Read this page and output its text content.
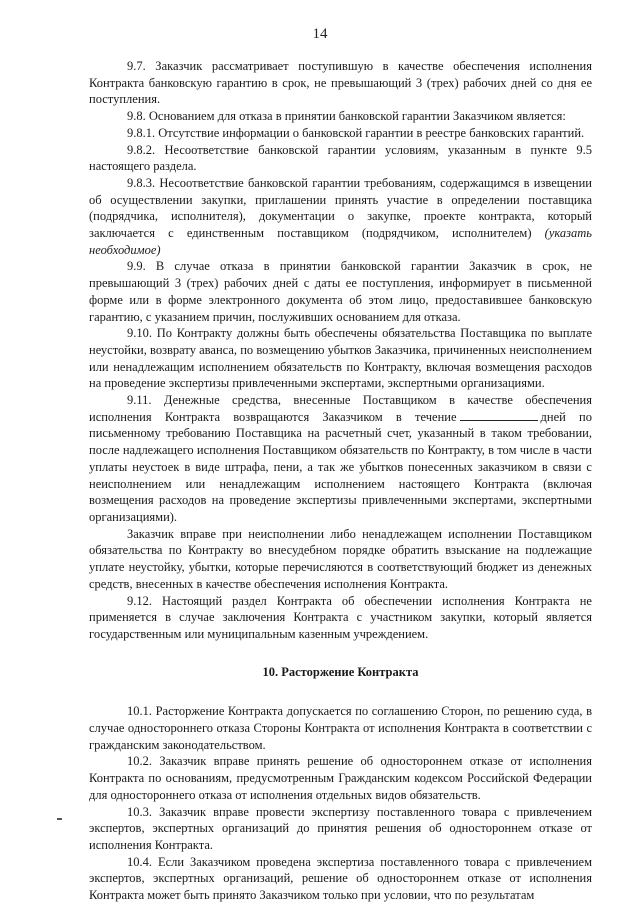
14

9.7. Заказчик рассматривает поступившую в качестве обеспечения исполнения Контракта банковскую гарантию в срок, не превышающий 3 (трех) рабочих дней со дня ее поступления.

9.8. Основанием для отказа в принятии банковской гарантии Заказчиком является:

9.8.1. Отсутствие информации о банковской гарантии в реестре банковских гарантий.

9.8.2. Несоответствие банковской гарантии условиям, указанным в пункте 9.5 настоящего раздела.

9.8.3. Несоответствие банковской гарантии требованиям, содержащимся в извещении об осуществлении закупки, приглашении принять участие в определении поставщика (подрядчика, исполнителя), документации о закупке, проекте контракта, который заключается с единственным поставщиком (подрядчиком, исполнителем) (указать необходимое)

9.9. В случае отказа в принятии банковской гарантии Заказчик в срок, не превышающий 3 (трех) рабочих дней с даты ее поступления, информирует в письменной форме или в форме электронного документа об этом лицо, предоставившее банковскую гарантию, с указанием причин, послуживших основанием для отказа.

9.10. По Контракту должны быть обеспечены обязательства Поставщика по выплате неустойки, возврату аванса, по возмещению убытков Заказчика, причиненных неисполнением или ненадлежащим исполнением обязательств по Контракту, включая возмещения расходов на проведение экспертизы привлеченными экспертами, экспертными организациями.

9.11. Денежные средства, внесенные Поставщиком в качестве обеспечения исполнения Контракта возвращаются Заказчиком в течение	дней по письменному требованию Поставщика на расчетный счет, указанный в таком требовании, после надлежащего исполнения Поставщиком обязательств по Контракту, в том числе в части уплаты неустоек в виде штрафа, пени, а так же убытков понесенных заказчиком в связи с неисполнением или ненадлежащим исполнением настоящего Контракта (включая возмещения расходов на проведение экспертизы привлеченными экспертами, экспертными организациями).

Заказчик вправе при неисполнении либо ненадлежащем исполнении Поставщиком обязательства по Контракту во внесудебном порядке обратить взыскание на подлежащие уплате неустойку, убытки, которые перечисляются в соответствующий бюджет из денежных средств, внесенных в качестве обеспечения исполнения Контракта.

9.12. Настоящий раздел Контракта об обеспечении исполнения Контракта не применяется в случае заключения Контракта с участником закупки, который является государственным или муниципальным казенным учреждением.

10. Расторжение Контракта

10.1. Расторжение Контракта допускается по соглашению Сторон, по решению суда, в случае одностороннего отказа Стороны Контракта от исполнения Контракта в соответствии с гражданским законодательством.

10.2. Заказчик вправе принять решение об одностороннем отказе от исполнения Контракта по основаниям, предусмотренным Гражданским кодексом Российской Федерации для одностороннего отказа от исполнения отдельных видов обязательств.

10.3. Заказчик вправе провести экспертизу поставленного товара с привлечением экспертов, экспертных организаций до принятия решения об одностороннем отказе от исполнения Контракта.

10.4. Если Заказчиком проведена экспертиза поставленного товара с привлечением экспертов, экспертных организаций, решение об одностороннем отказе от исполнения Контракта может быть принято Заказчиком только при условии, что по результатам
